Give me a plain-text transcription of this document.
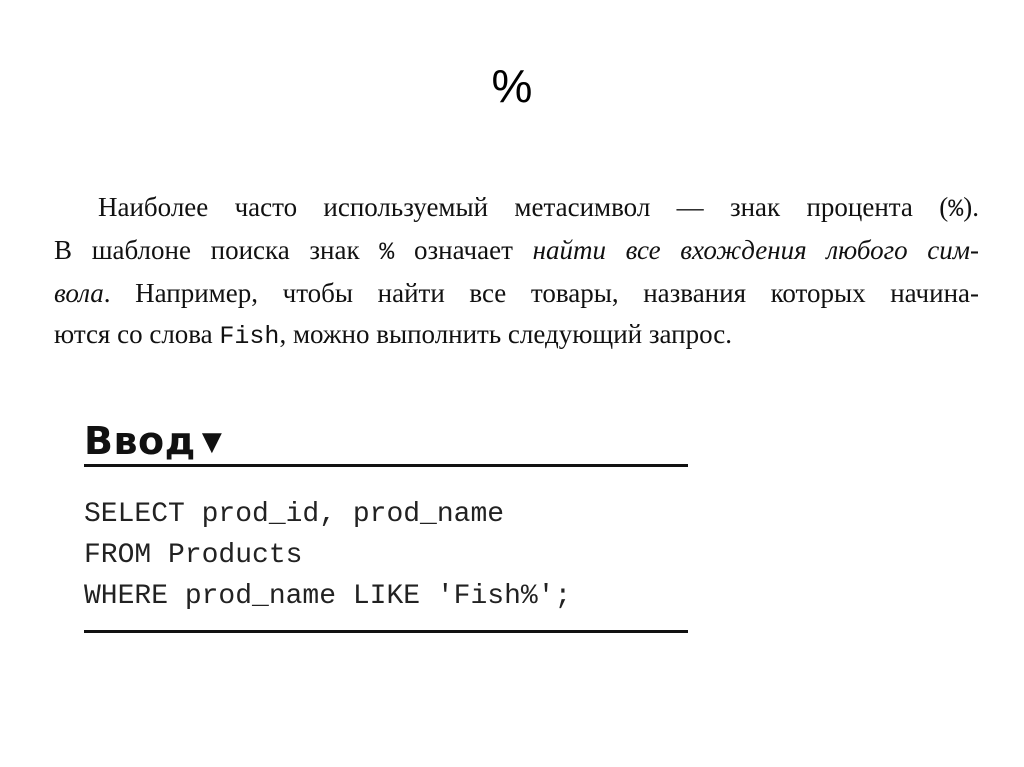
%

Наиболее часто используемый метасимвол — знак процента (%).
В шаблоне поиска знак % означает найти все вхождения любого сим-
вола. Например, чтобы найти все товары, названия которых начина-
ются со слова Fish, можно выполнить следующий запрос.

Ввод ▼
SELECT prod_id, prod_name
FROM Products
WHERE prod_name LIKE 'Fish%';
